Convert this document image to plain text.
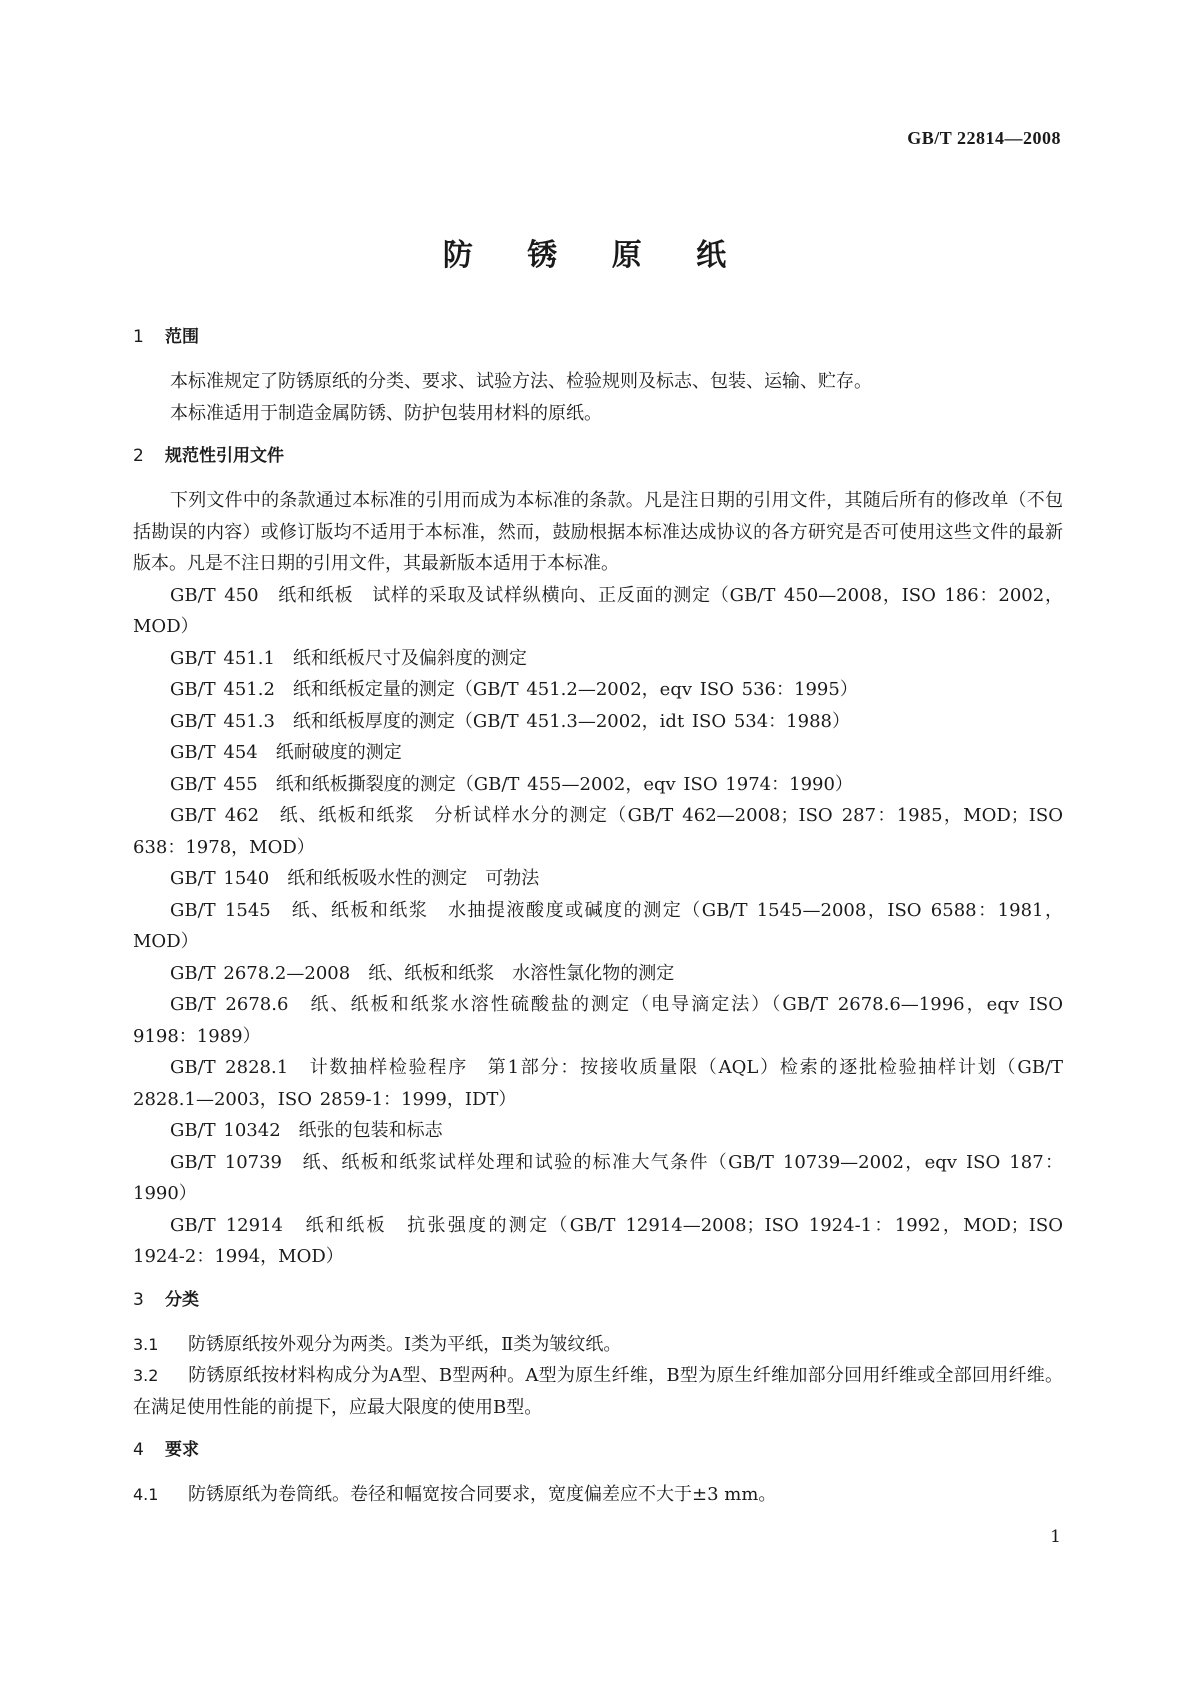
GB/T 22814—2008
防 锈 原 纸
1 范围
本标准规定了防锈原纸的分类、要求、试验方法、检验规则及标志、包装、运输、贮存。
本标准适用于制造金属防锈、防护包装用材料的原纸。
2 规范性引用文件
下列文件中的条款通过本标准的引用而成为本标准的条款。凡是注日期的引用文件，其随后所有的修改单（不包括勘误的内容）或修订版均不适用于本标准，然而，鼓励根据本标准达成协议的各方研究是否可使用这些文件的最新版本。凡是不注日期的引用文件，其最新版本适用于本标准。
GB/T 450　纸和纸板　试样的采取及试样纵横向、正反面的测定（GB/T 450—2008，ISO 186：2002，MOD）
GB/T 451.1　纸和纸板尺寸及偏斜度的测定
GB/T 451.2　纸和纸板定量的测定（GB/T 451.2—2002，eqv ISO 536：1995）
GB/T 451.3　纸和纸板厚度的测定（GB/T 451.3—2002，idt ISO 534：1988）
GB/T 454　纸耐破度的测定
GB/T 455　纸和纸板撕裂度的测定（GB/T 455—2002，eqv ISO 1974：1990）
GB/T 462　纸、纸板和纸浆　分析试样水分的测定（GB/T 462—2008；ISO 287：1985，MOD；ISO 638：1978，MOD）
GB/T 1540　纸和纸板吸水性的测定　可勃法
GB/T 1545　纸、纸板和纸浆　水抽提液酸度或碱度的测定（GB/T 1545—2008，ISO 6588：1981，MOD）
GB/T 2678.2—2008　纸、纸板和纸浆　水溶性氯化物的测定
GB/T 2678.6　纸、纸板和纸浆水溶性硫酸盐的测定（电导滴定法）（GB/T 2678.6—1996，eqv ISO 9198：1989）
GB/T 2828.1　计数抽样检验程序　第1部分：按接收质量限（AQL）检索的逐批检验抽样计划（GB/T 2828.1—2003，ISO 2859-1：1999，IDT）
GB/T 10342　纸张的包装和标志
GB/T 10739　纸、纸板和纸浆试样处理和试验的标准大气条件（GB/T 10739—2002，eqv ISO 187：1990）
GB/T 12914　纸和纸板　抗张强度的测定（GB/T 12914—2008；ISO 1924-1：1992，MOD；ISO 1924-2：1994，MOD）
3 分类
3.1 防锈原纸按外观分为两类。Ⅰ类为平纸，Ⅱ类为皱纹纸。
3.2 防锈原纸按材料构成分为A型、B型两种。A型为原生纤维，B型为原生纤维加部分回用纤维或全部回用纤维。在满足使用性能的前提下，应最大限度的使用B型。
4 要求
4.1 防锈原纸为卷筒纸。卷径和幅宽按合同要求，宽度偏差应不大于±3 mm。
1
